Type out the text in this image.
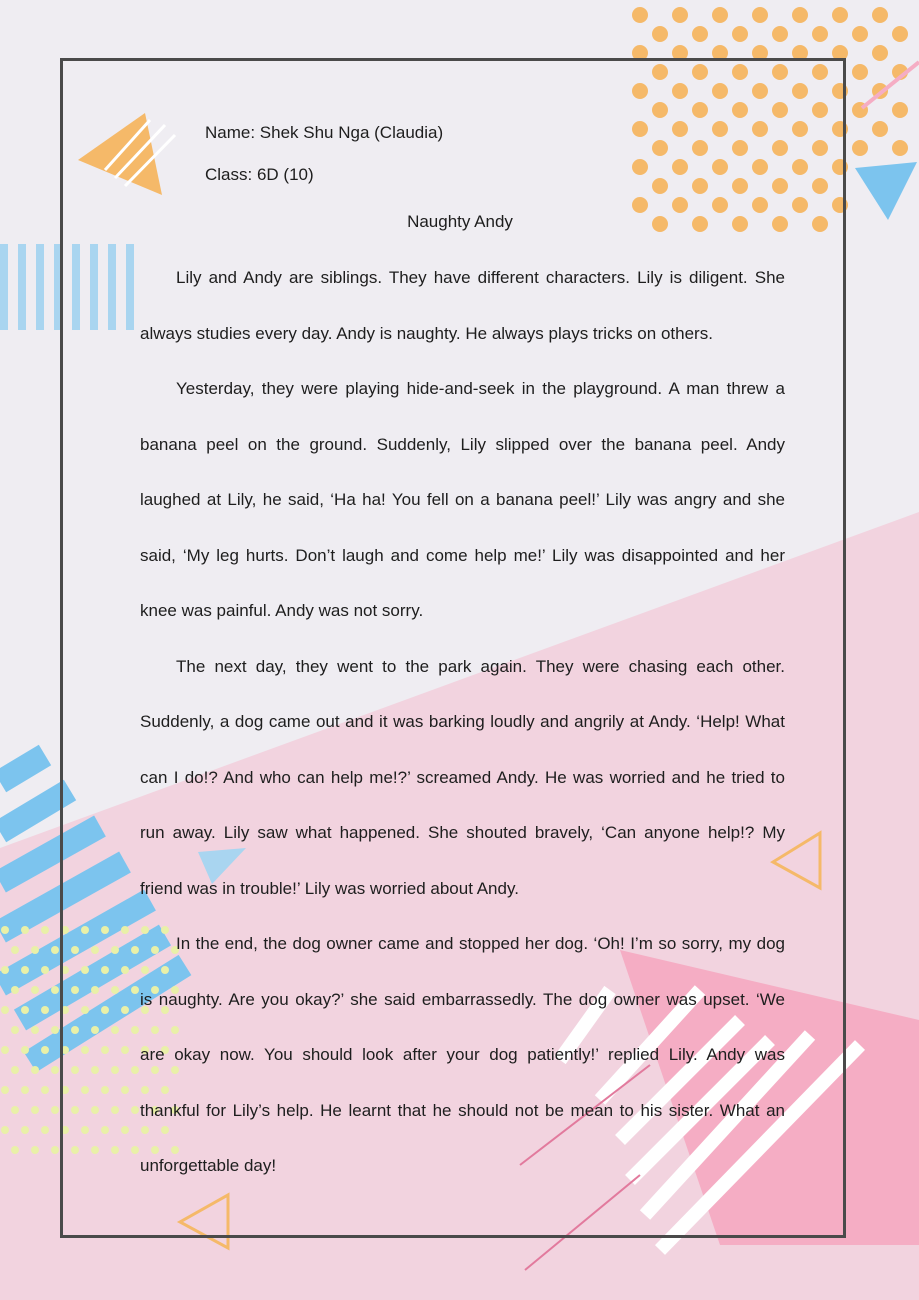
Name: Shek Shu Nga (Claudia)

Class: 6D (10)

Naughty Andy

Lily and Andy are siblings. They have different characters. Lily is diligent. She always studies every day. Andy is naughty. He always plays tricks on others.

Yesterday, they were playing hide-and-seek in the playground. A man threw a banana peel on the ground. Suddenly, Lily slipped over the banana peel. Andy laughed at Lily, he said, ‘Ha ha! You fell on a banana peel!’ Lily was angry and she said, ‘My leg hurts. Don’t laugh and come help me!’ Lily was disappointed and her knee was painful. Andy was not sorry.

The next day, they went to the park again. They were chasing each other. Suddenly, a dog came out and it was barking loudly and angrily at Andy. ‘Help! What can I do!? And who can help me!?’ screamed Andy. He was worried and he tried to run away. Lily saw what happened. She shouted bravely, ‘Can anyone help!? My friend was in trouble!’ Lily was worried about Andy.

In the end, the dog owner came and stopped her dog. ‘Oh! I’m so sorry, my dog is naughty. Are you okay?’ she said embarrassedly. The dog owner was upset. ‘We are okay now. You should look after your dog patiently!’ replied Lily. Andy was thankful for Lily’s help. He learnt that he should not be mean to his sister. What an unforgettable day!
